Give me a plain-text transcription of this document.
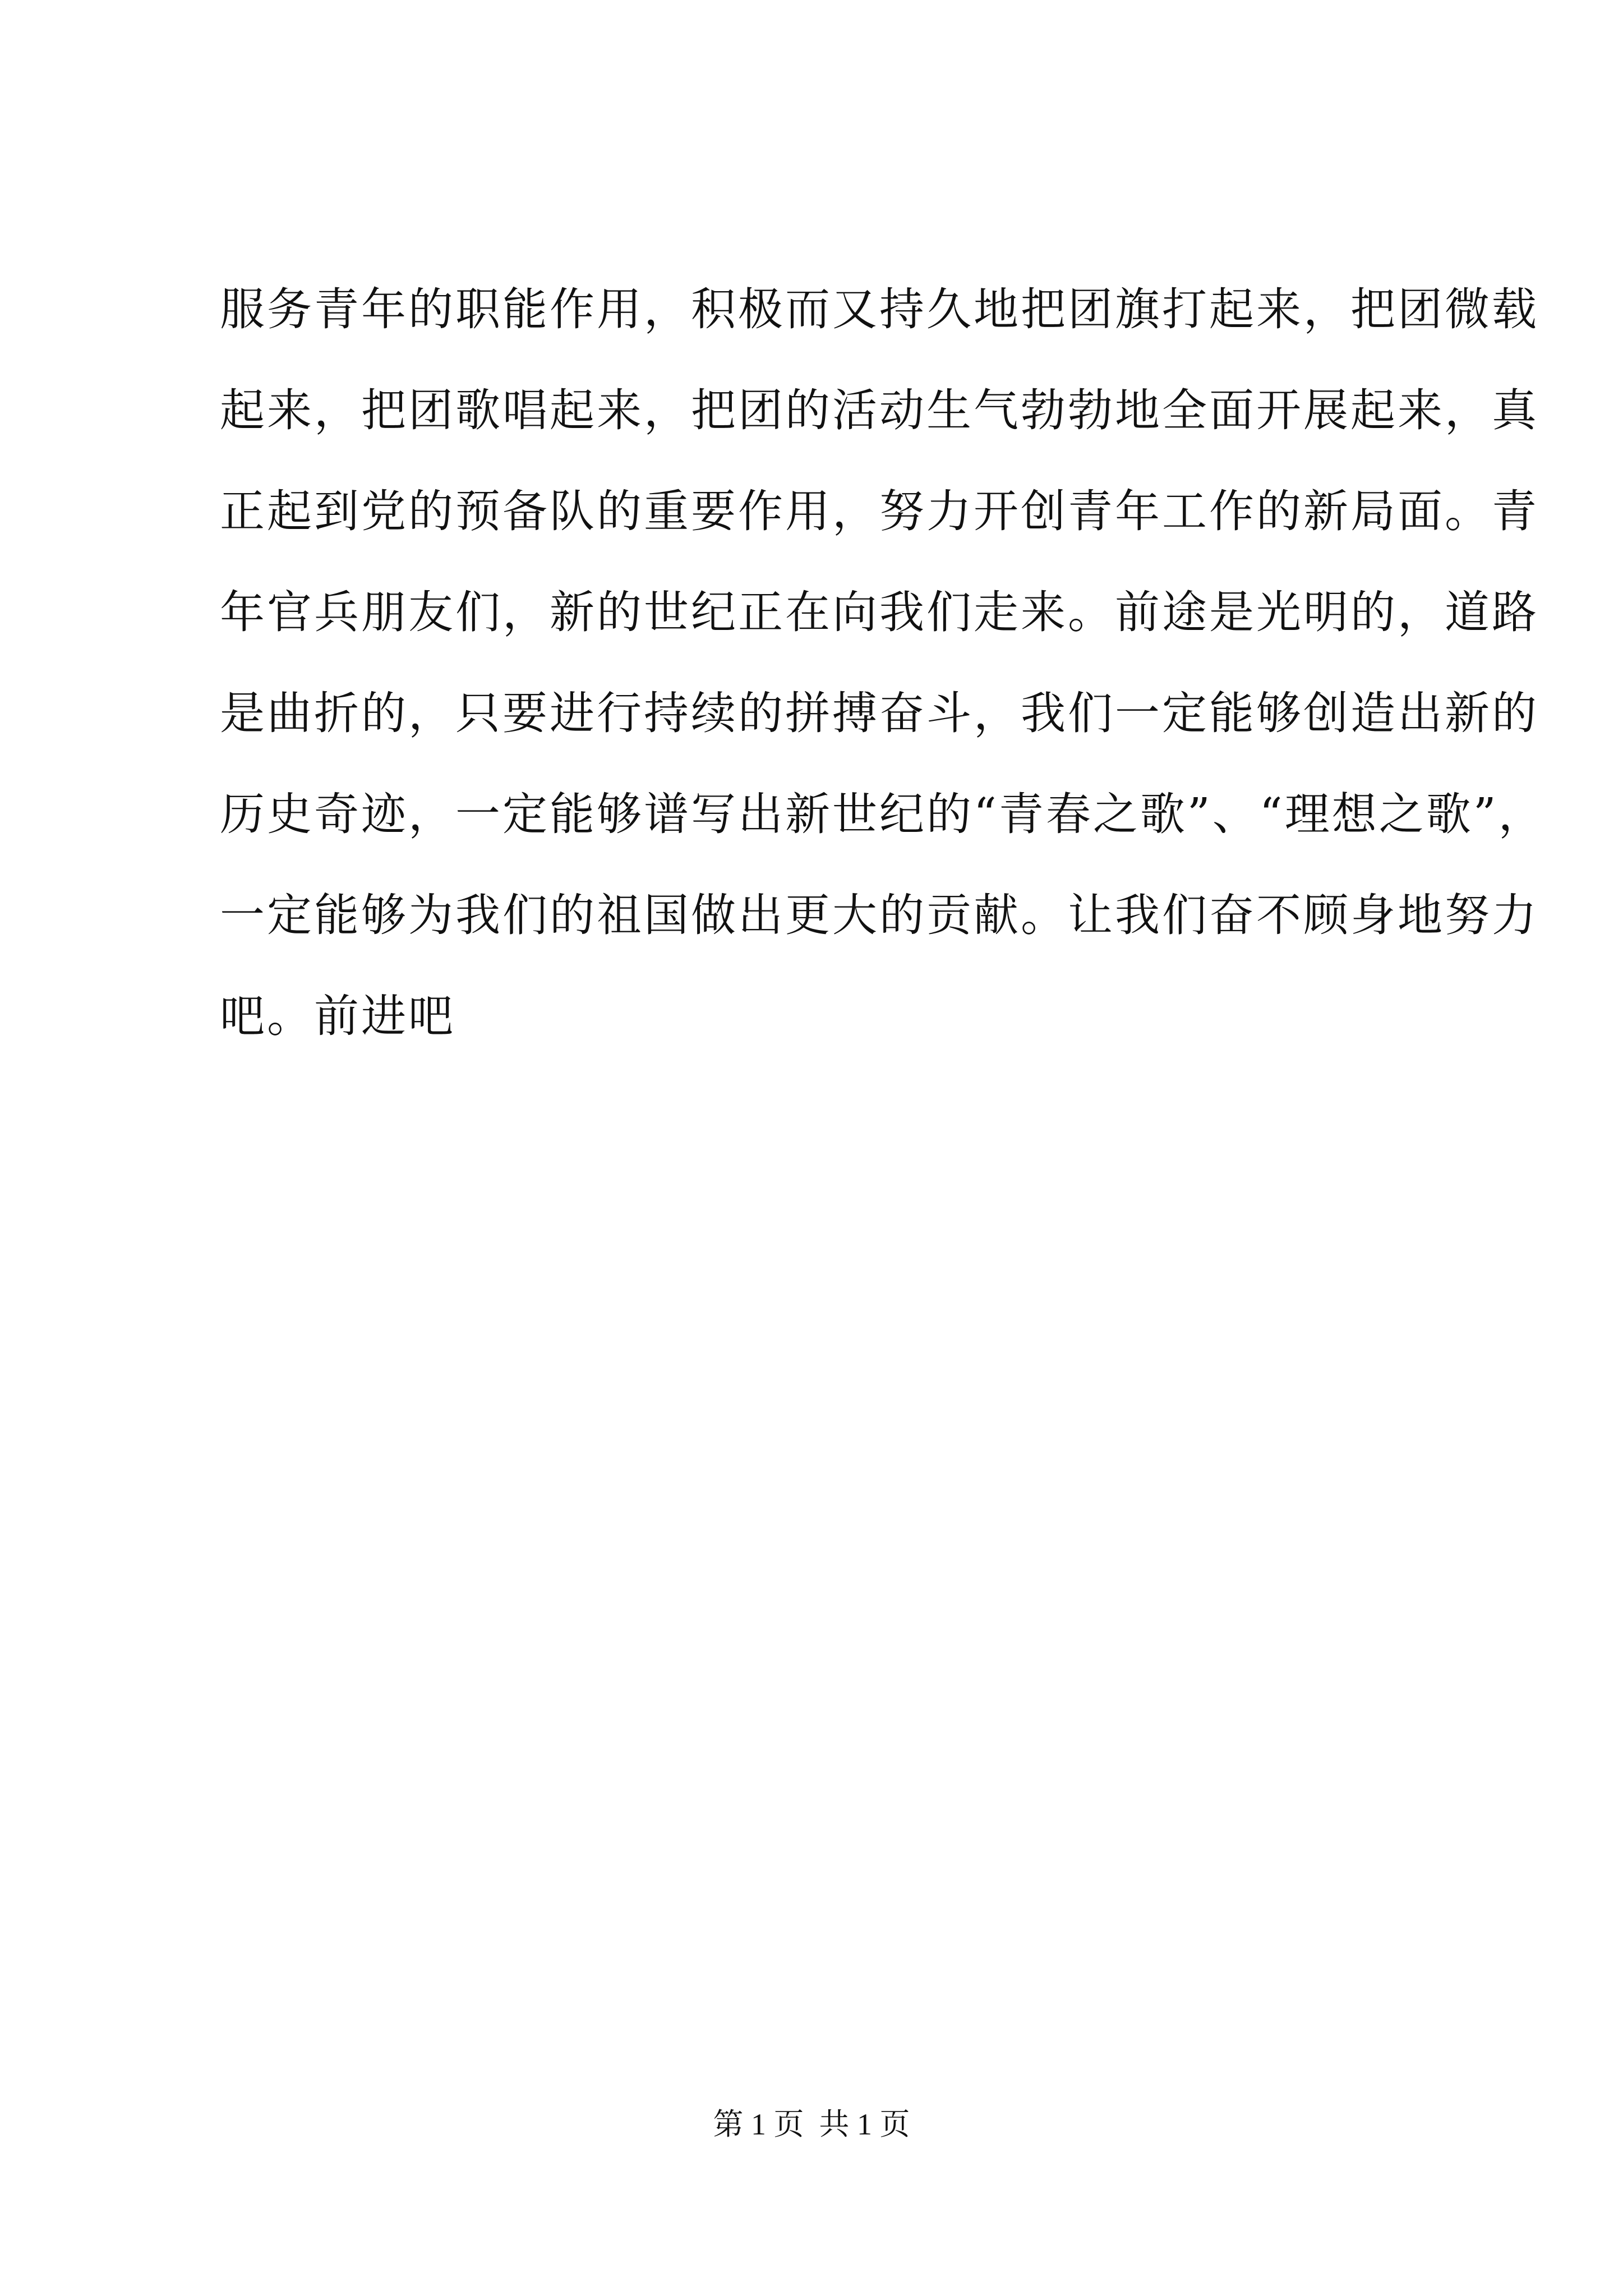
服务青年的职能作用，积极而又持久地把团旗打起来，把团微载
起来，把团歌唱起来，把团的活动生气勃勃地全面开展起来，真
正起到党的预备队的重要作用，努力开创青年工作的新局面。青
年官兵朋友们，新的世纪正在向我们走来。前途是光明的，道路
是曲折的，只要进行持续的拼搏奋斗，我们一定能够创造出新的
历史奇迹，一定能够谱写出新世纪的“青春之歌”、“理想之歌”，
一定能够为我们的祖国做出更大的贡献。让我们奋不顾身地努力
吧。前进吧
第 1 页  共 1 页
